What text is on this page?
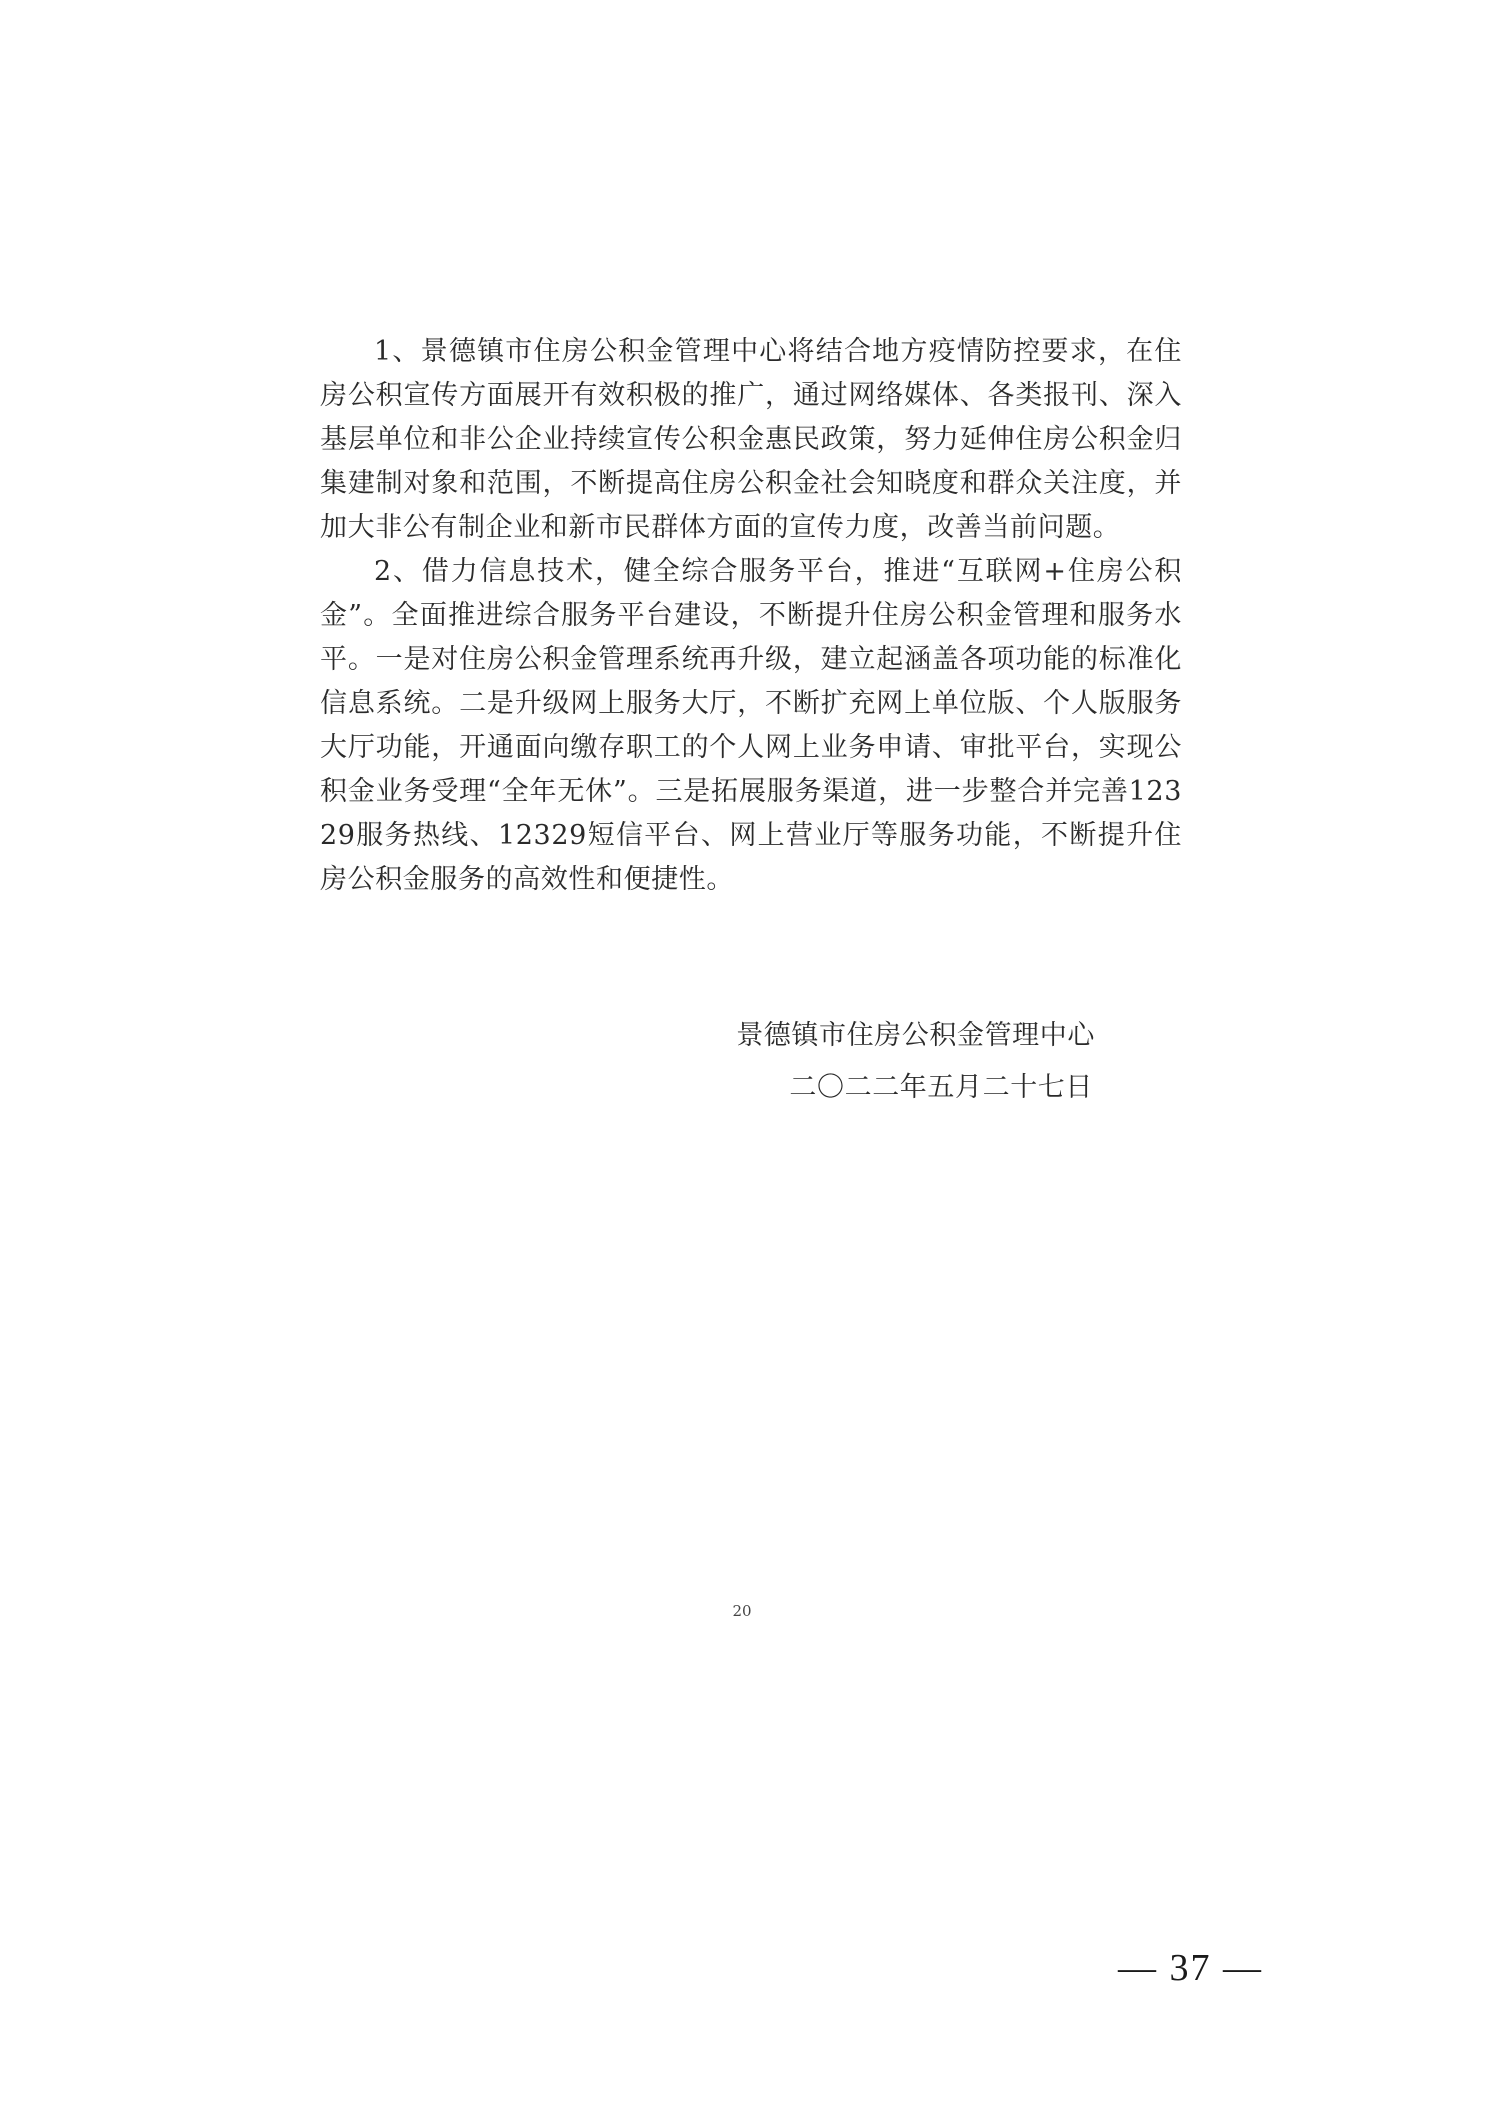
1、景德镇市住房公积金管理中心将结合地方疫情防控要求，在住房公积宣传方面展开有效积极的推广，通过网络媒体、各类报刊、深入基层单位和非公企业持续宣传公积金惠民政策，努力延伸住房公积金归集建制对象和范围，不断提高住房公积金社会知晓度和群众关注度，并加大非公有制企业和新市民群体方面的宣传力度，改善当前问题。

2、借力信息技术，健全综合服务平台，推进“互联网+住房公积金”。全面推进综合服务平台建设，不断提升住房公积金管理和服务水平。一是对住房公积金管理系统再升级，建立起涵盖各项功能的标准化信息系统。二是升级网上服务大厅，不断扩充网上单位版、个人版服务大厅功能，开通面向缴存职工的个人网上业务申请、审批平台，实现公积金业务受理“全年无休”。三是拓展服务渠道，进一步整合并完善12329服务热线、12329短信平台、网上营业厅等服务功能，不断提升住房公积金服务的高效性和便捷性。

景德镇市住房公积金管理中心
二〇二二年五月二十七日
20
— 37 —
